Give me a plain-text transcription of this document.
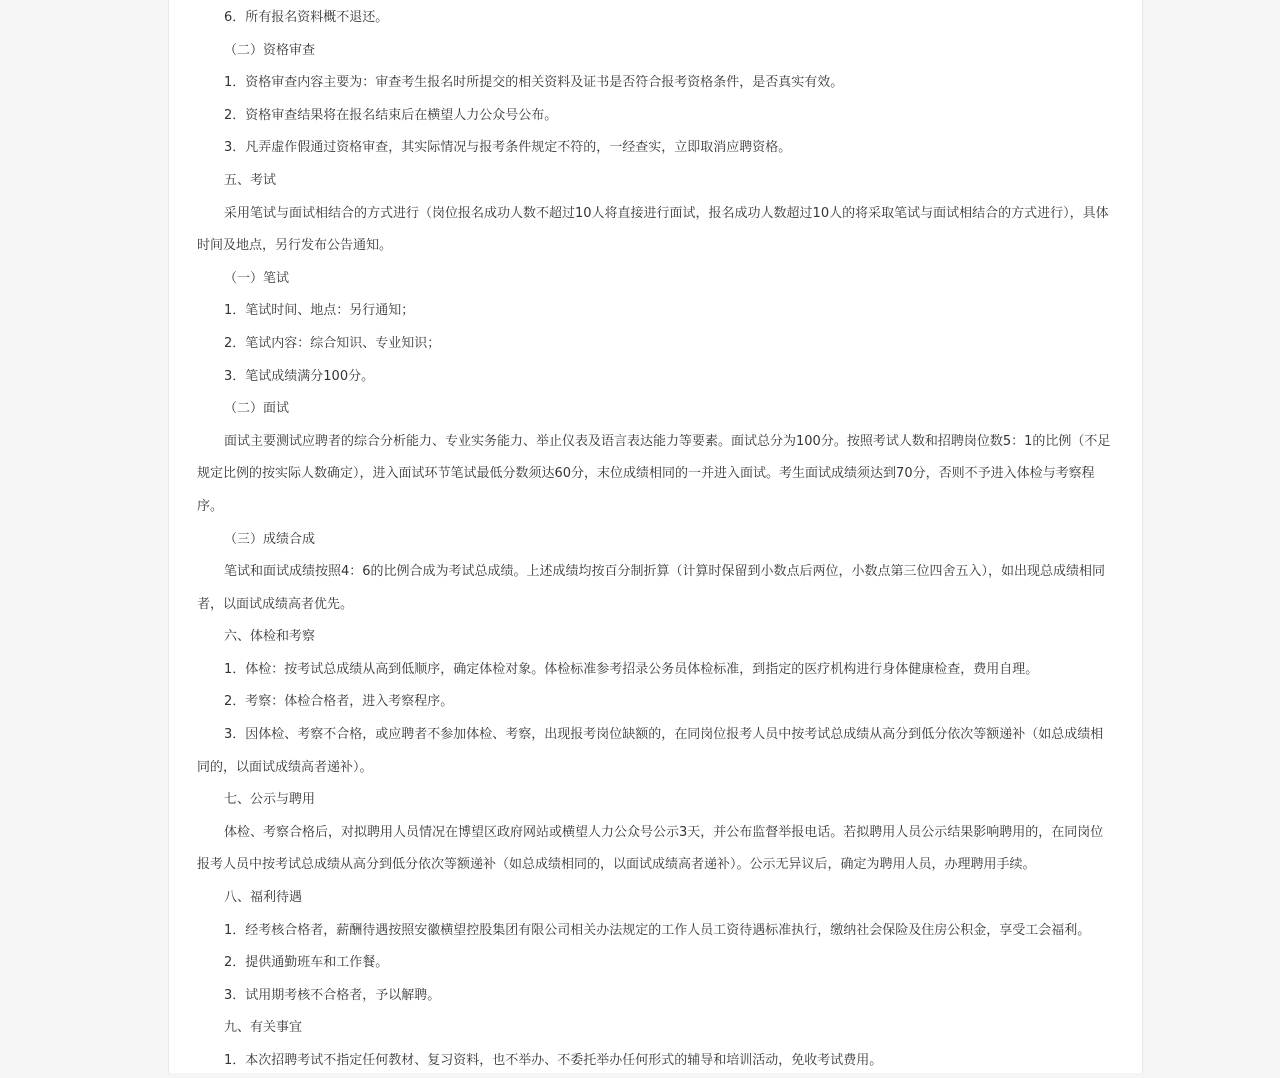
6．所有报名资料概不退还。

（二）资格审查

1．资格审查内容主要为：审查考生报名时所提交的相关资料及证书是否符合报考资格条件，是否真实有效。

2．资格审查结果将在报名结束后在横望人力公众号公布。

3．凡弄虚作假通过资格审查，其实际情况与报考条件规定不符的，一经查实，立即取消应聘资格。

五、考试

采用笔试与面试相结合的方式进行（岗位报名成功人数不超过10人将直接进行面试，报名成功人数超过10人的将采取笔试与面试相结合的方式进行），具体时间及地点，另行发布公告通知。

（一）笔试

1．笔试时间、地点：另行通知；

2．笔试内容：综合知识、专业知识；

3．笔试成绩满分100分。

（二）面试

面试主要测试应聘者的综合分析能力、专业实务能力、举止仪表及语言表达能力等要素。面试总分为100分。按照考试人数和招聘岗位数5：1的比例（不足规定比例的按实际人数确定），进入面试环节笔试最低分数须达60分，末位成绩相同的一并进入面试。考生面试成绩须达到70分，否则不予进入体检与考察程序。

（三）成绩合成

笔试和面试成绩按照4：6的比例合成为考试总成绩。上述成绩均按百分制折算（计算时保留到小数点后两位，小数点第三位四舍五入），如出现总成绩相同者，以面试成绩高者优先。

六、体检和考察

1．体检：按考试总成绩从高到低顺序，确定体检对象。体检标准参考招录公务员体检标准，到指定的医疗机构进行身体健康检查，费用自理。

2．考察：体检合格者，进入考察程序。

3．因体检、考察不合格，或应聘者不参加体检、考察，出现报考岗位缺额的，在同岗位报考人员中按考试总成绩从高分到低分依次等额递补（如总成绩相同的，以面试成绩高者递补）。

七、公示与聘用

体检、考察合格后，对拟聘用人员情况在博望区政府网站或横望人力公众号公示3天，并公布监督举报电话。若拟聘用人员公示结果影响聘用的，在同岗位报考人员中按考试总成绩从高分到低分依次等额递补（如总成绩相同的，以面试成绩高者递补）。公示无异议后，确定为聘用人员，办理聘用手续。

八、福利待遇

1．经考核合格者，薪酬待遇按照安徽横望控股集团有限公司相关办法规定的工作人员工资待遇标准执行，缴纳社会保险及住房公积金，享受工会福利。

2．提供通勤班车和工作餐。

3．试用期考核不合格者，予以解聘。

九、有关事宜

1．本次招聘考试不指定任何教材、复习资料，也不举办、不委托举办任何形式的辅导和培训活动，免收考试费用。
